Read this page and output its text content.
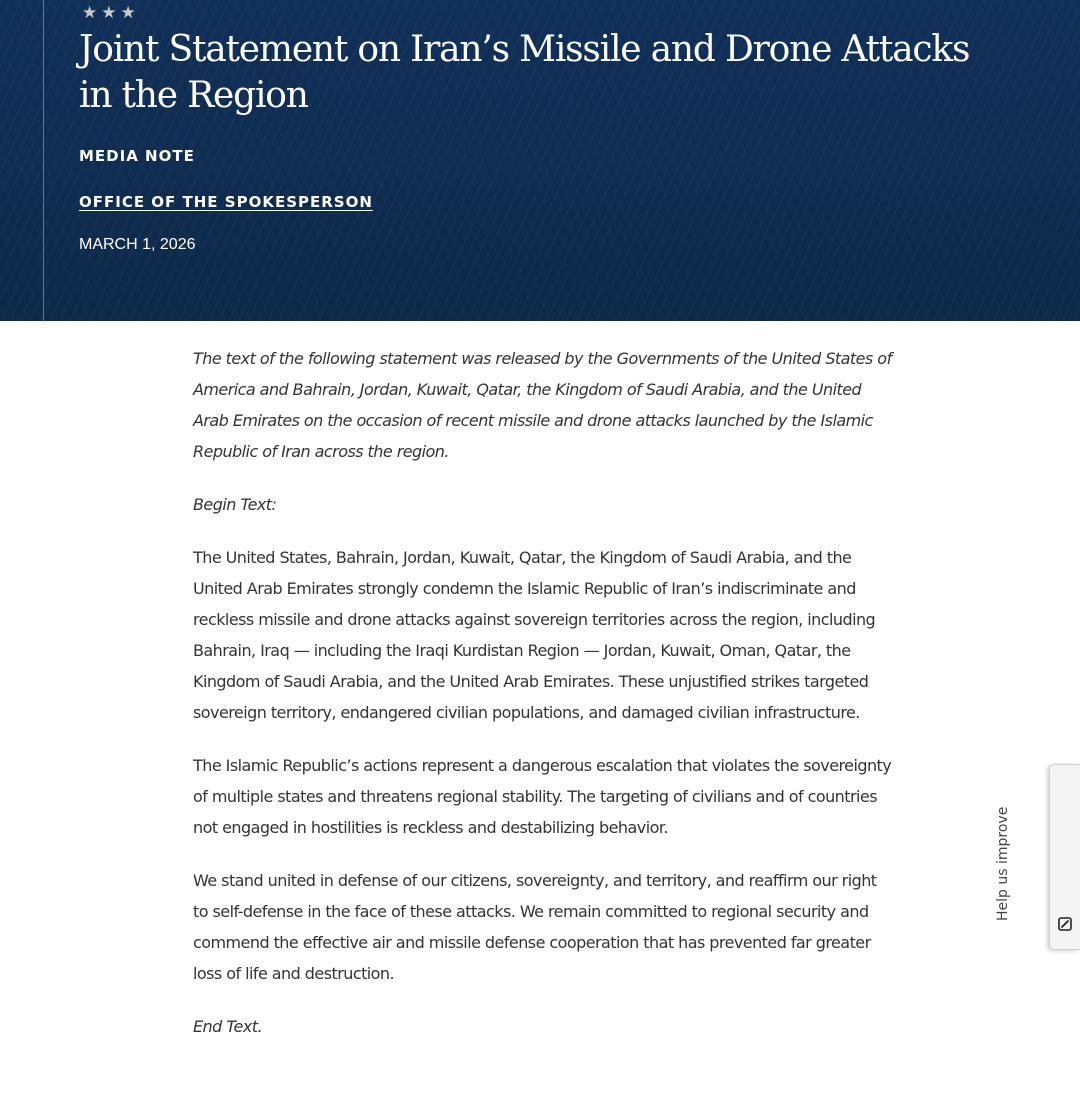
★★★
Joint Statement on Iran’s Missile and Drone Attacks in the Region
MEDIA NOTE
OFFICE OF THE SPOKESPERSON
MARCH 1, 2026

The text of the following statement was released by the Governments of the United States of America and Bahrain, Jordan, Kuwait, Qatar, the Kingdom of Saudi Arabia, and the United Arab Emirates on the occasion of recent missile and drone attacks launched by the Islamic Republic of Iran across the region.

Begin Text:

The United States, Bahrain, Jordan, Kuwait, Qatar, the Kingdom of Saudi Arabia, and the United Arab Emirates strongly condemn the Islamic Republic of Iran’s indiscriminate and reckless missile and drone attacks against sovereign territories across the region, including Bahrain, Iraq — including the Iraqi Kurdistan Region — Jordan, Kuwait, Oman, Qatar, the Kingdom of Saudi Arabia, and the United Arab Emirates. These unjustified strikes targeted sovereign territory, endangered civilian populations, and damaged civilian infrastructure.

The Islamic Republic’s actions represent a dangerous escalation that violates the sovereignty of multiple states and threatens regional stability. The targeting of civilians and of countries not engaged in hostilities is reckless and destabilizing behavior.

We stand united in defense of our citizens, sovereignty, and territory, and reaffirm our right to self-defense in the face of these attacks. We remain committed to regional security and commend the effective air and missile defense cooperation that has prevented far greater loss of life and destruction.

End Text.

Help us improve
